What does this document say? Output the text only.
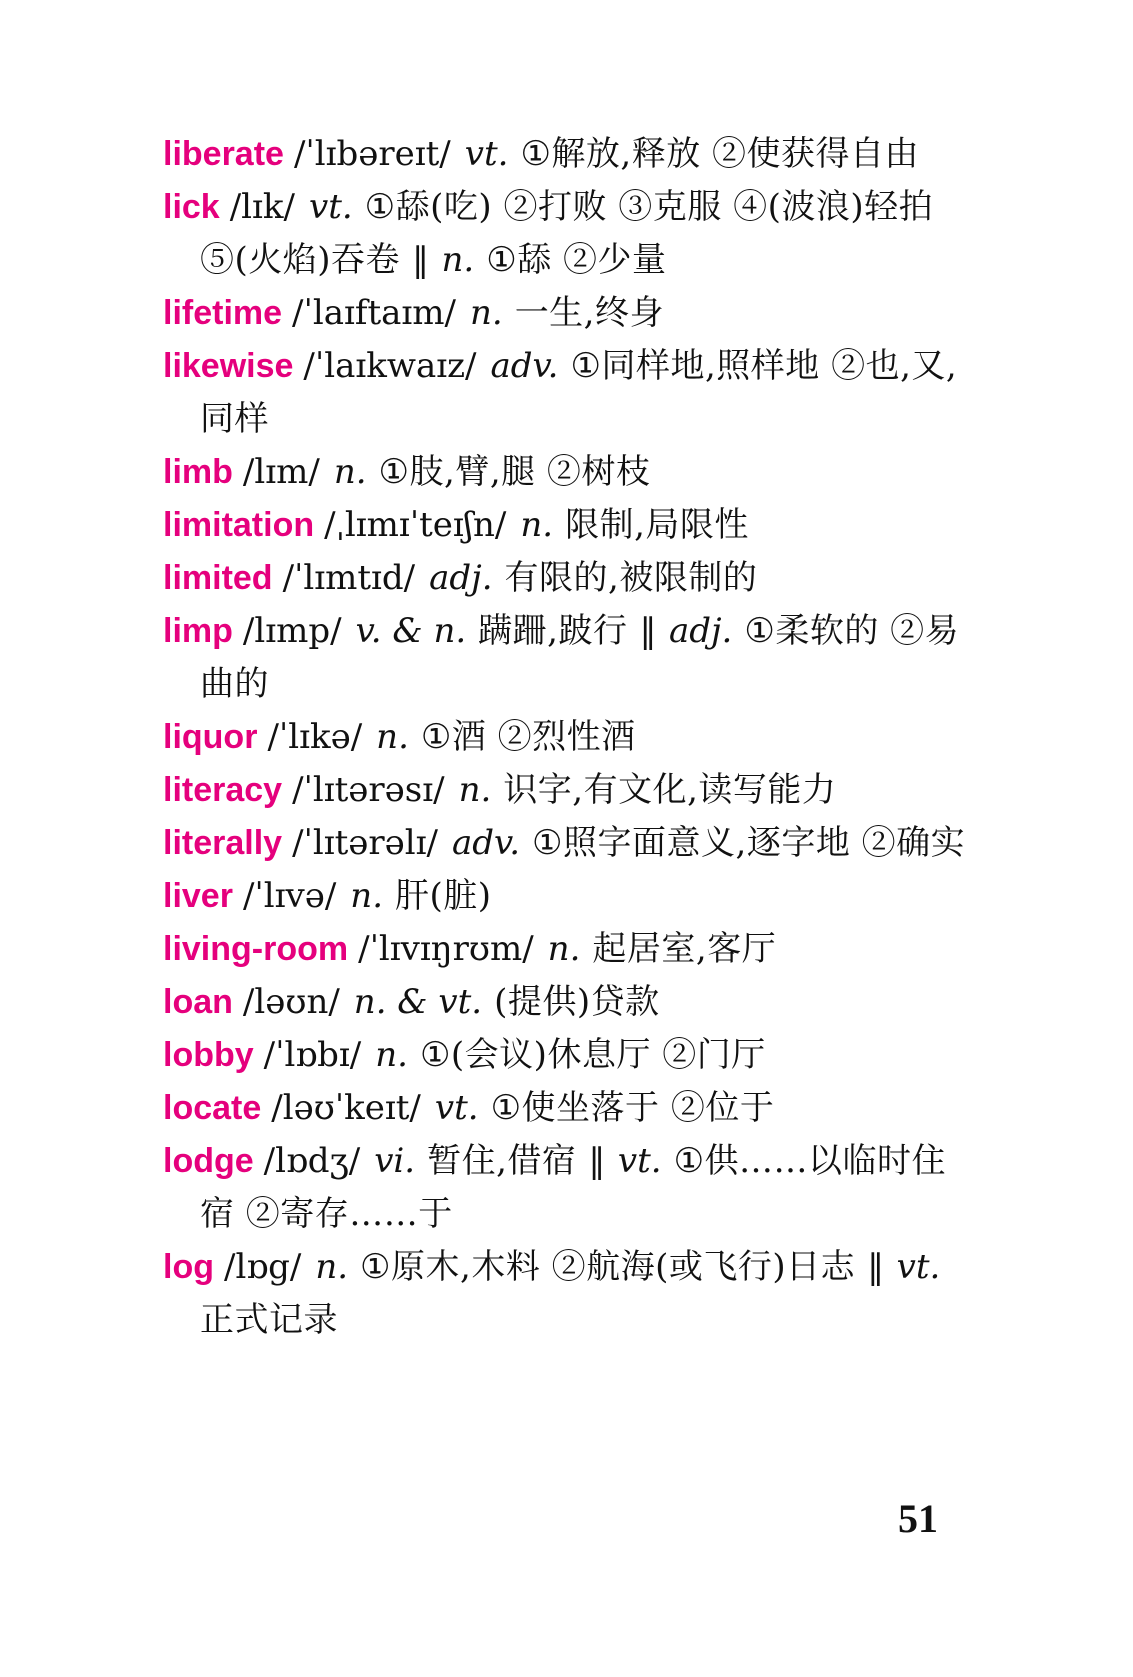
liberate /ˈlɪbəreɪt/ vt. ①解放,释放 ②使获得自由

lick /lɪk/ vt. ①舔(吃) ②打败 ③克服 ④(波浪)轻拍 ⑤(火焰)吞卷 ‖ n. ①舔 ②少量

lifetime /ˈlaɪftaɪm/ n. 一生,终身

likewise /ˈlaɪkwaɪz/ adv. ①同样地,照样地 ②也,又,同样

limb /lɪm/ n. ①肢,臂,腿 ②树枝

limitation /ˌlɪmɪˈteɪʃn/ n. 限制,局限性

limited /ˈlɪmtɪd/ adj. 有限的,被限制的

limp /lɪmp/ v. & n. 蹒跚,跛行 ‖ adj. ①柔软的 ②易曲的

liquor /ˈlɪkə/ n. ①酒 ②烈性酒

literacy /ˈlɪtərəsɪ/ n. 识字,有文化,读写能力

literally /ˈlɪtərəlɪ/ adv. ①照字面意义,逐字地 ②确实

liver /ˈlɪvə/ n. 肝(脏)

living-room /ˈlɪvɪŋrʊm/ n. 起居室,客厅

loan /ləʊn/ n. & vt. (提供)贷款

lobby /ˈlɒbɪ/ n. ①(会议)休息厅 ②门厅

locate /ləʊˈkeɪt/ vt. ①使坐落于 ②位于

lodge /lɒdʒ/ vi. 暂住,借宿 ‖ vt. ①供……以临时住宿 ②寄存……于

log /lɒg/ n. ①原木,木料 ②航海(或飞行)日志 ‖ vt.正式记录

51
